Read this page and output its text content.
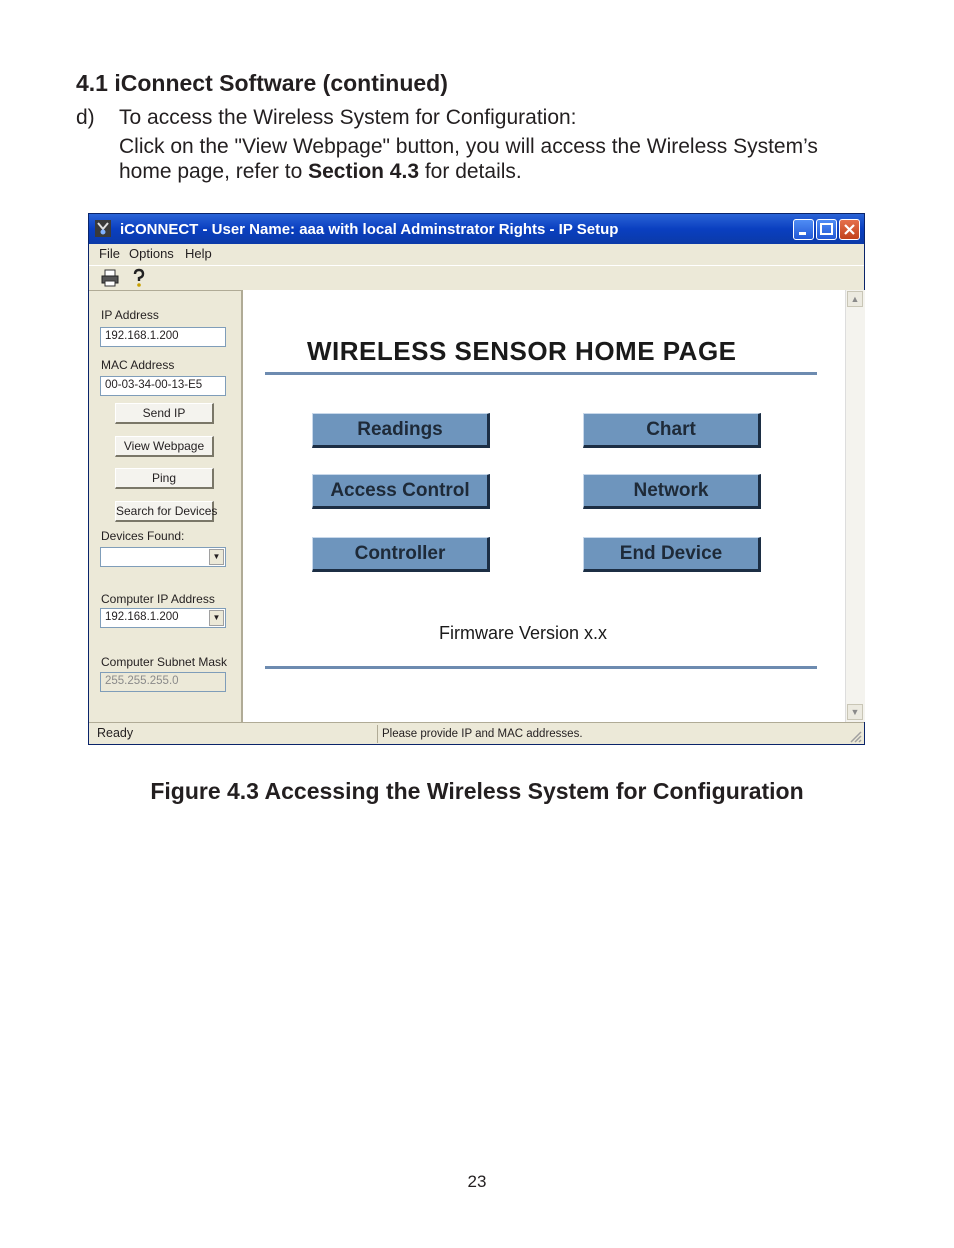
4.1 iConnect Software (continued)
d) To access the Wireless System for Configuration:
Click on the "View Webpage" button, you will access the Wireless System’s home page, refer to Section 4.3 for details.
iCONNECT - User Name: aaa with local Adminstrator Rights - IP Setup
File Options Help
IP Address
192.168.1.200
MAC Address
00-03-34-00-13-E5
Send IP
View Webpage
Ping
Search for Devices
Devices Found:
▼
Computer IP Address
192.168.1.200	▼
Computer Subnet Mask
255.255.255.0
WIRELESS SENSOR HOME PAGE
Readings	Chart
Access Control	Network
Controller	End Device
Firmware Version x.x
▲
▼
Ready	Please provide IP and MAC addresses.
Figure 4.3 Accessing the Wireless System for Configuration
23
